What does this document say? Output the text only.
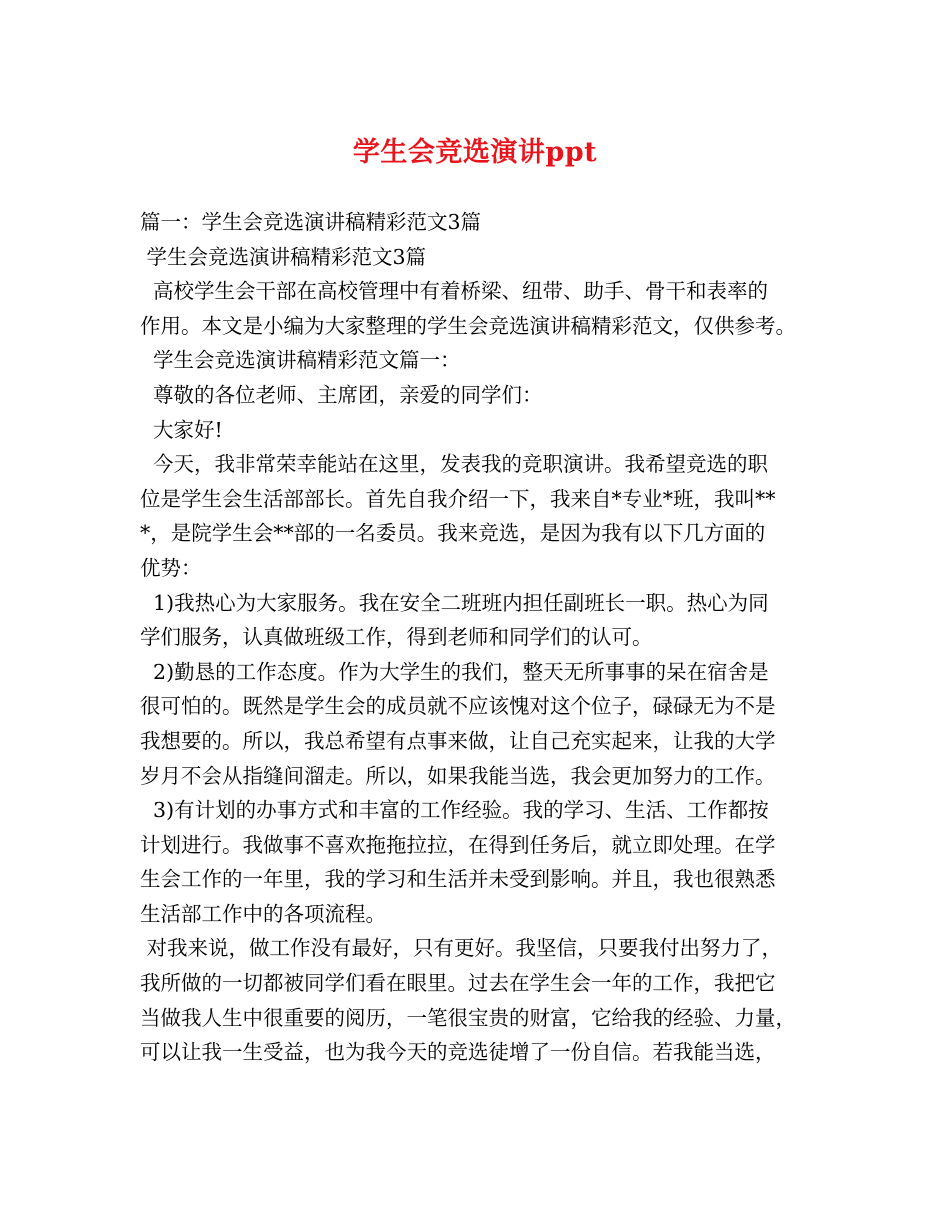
学生会竞选演讲ppt
篇一：学生会竞选演讲稿精彩范文3篇
学生会竞选演讲稿精彩范文3篇
高校学生会干部在高校管理中有着桥梁、纽带、助手、骨干和表率的
作用。本文是小编为大家整理的学生会竞选演讲稿精彩范文，仅供参考。
学生会竞选演讲稿精彩范文篇一：
尊敬的各位老师、主席团，亲爱的同学们：
大家好!
今天，我非常荣幸能站在这里，发表我的竞职演讲。我希望竞选的职
位是学生会生活部部长。首先自我介绍一下，我来自*专业*班，我叫**
*，是院学生会**部的一名委员。我来竞选，是因为我有以下几方面的
优势：
1)我热心为大家服务。我在安全二班班内担任副班长一职。热心为同
学们服务，认真做班级工作，得到老师和同学们的认可。
2)勤恳的工作态度。作为大学生的我们，整天无所事事的呆在宿舍是
很可怕的。既然是学生会的成员就不应该愧对这个位子，碌碌无为不是
我想要的。所以，我总希望有点事来做，让自己充实起来，让我的大学
岁月不会从指缝间溜走。所以，如果我能当选，我会更加努力的工作。
3)有计划的办事方式和丰富的工作经验。我的学习、生活、工作都按
计划进行。我做事不喜欢拖拖拉拉，在得到任务后，就立即处理。在学
生会工作的一年里，我的学习和生活并未受到影响。并且，我也很熟悉
生活部工作中的各项流程。
对我来说，做工作没有最好，只有更好。我坚信，只要我付出努力了，
我所做的一切都被同学们看在眼里。过去在学生会一年的工作，我把它
当做我人生中很重要的阅历，一笔很宝贵的财富，它给我的经验、力量，
可以让我一生受益，也为我今天的竞选徒增了一份自信。若我能当选，
